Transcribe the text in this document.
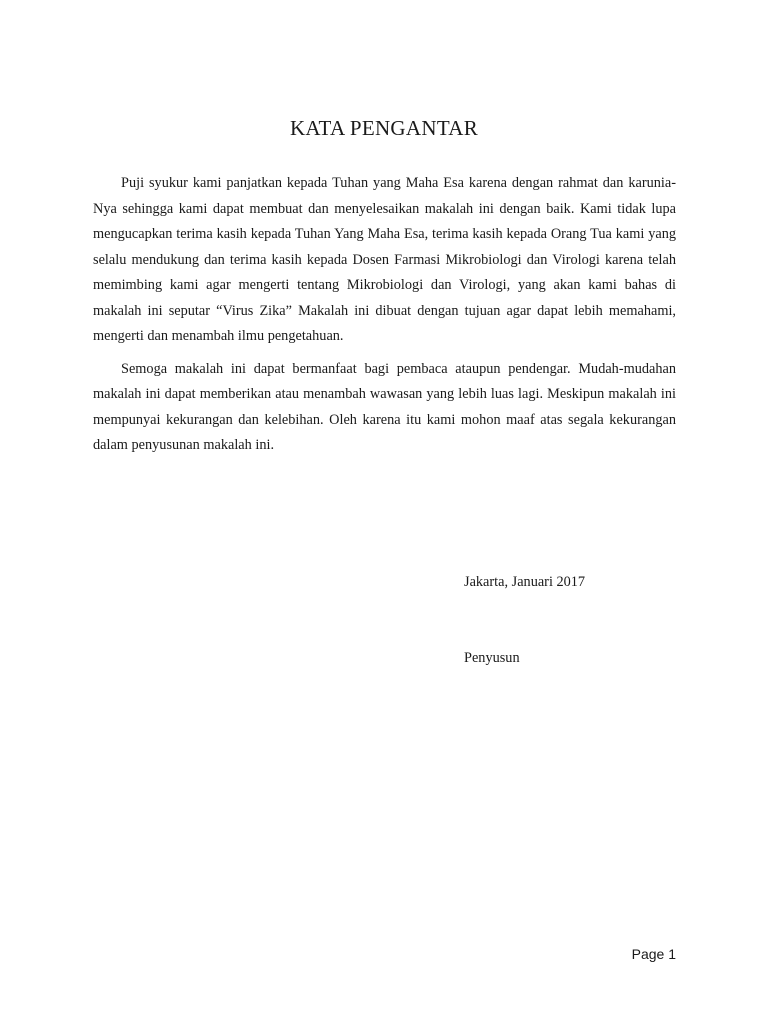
KATA PENGANTAR

Puji syukur kami panjatkan kepada Tuhan yang Maha Esa karena dengan rahmat dan karunia-Nya sehingga kami dapat membuat dan menyelesaikan makalah ini dengan baik. Kami tidak lupa mengucapkan terima kasih kepada Tuhan Yang Maha Esa, terima kasih kepada Orang Tua kami yang selalu mendukung dan terima kasih kepada Dosen Farmasi Mikrobiologi dan Virologi karena telah memimbing kami agar mengerti tentang Mikrobiologi dan Virologi, yang akan kami bahas di makalah ini seputar “Virus Zika” Makalah ini dibuat dengan tujuan agar dapat lebih memahami, mengerti dan menambah ilmu pengetahuan.

Semoga makalah ini dapat bermanfaat bagi pembaca ataupun pendengar. Mudah-mudahan makalah ini dapat memberikan atau menambah wawasan yang lebih luas lagi. Meskipun makalah ini mempunyai kekurangan dan kelebihan. Oleh karena itu kami mohon maaf atas segala kekurangan dalam penyusunan makalah ini.

Jakarta, Januari 2017
Penyusun
Page 1
